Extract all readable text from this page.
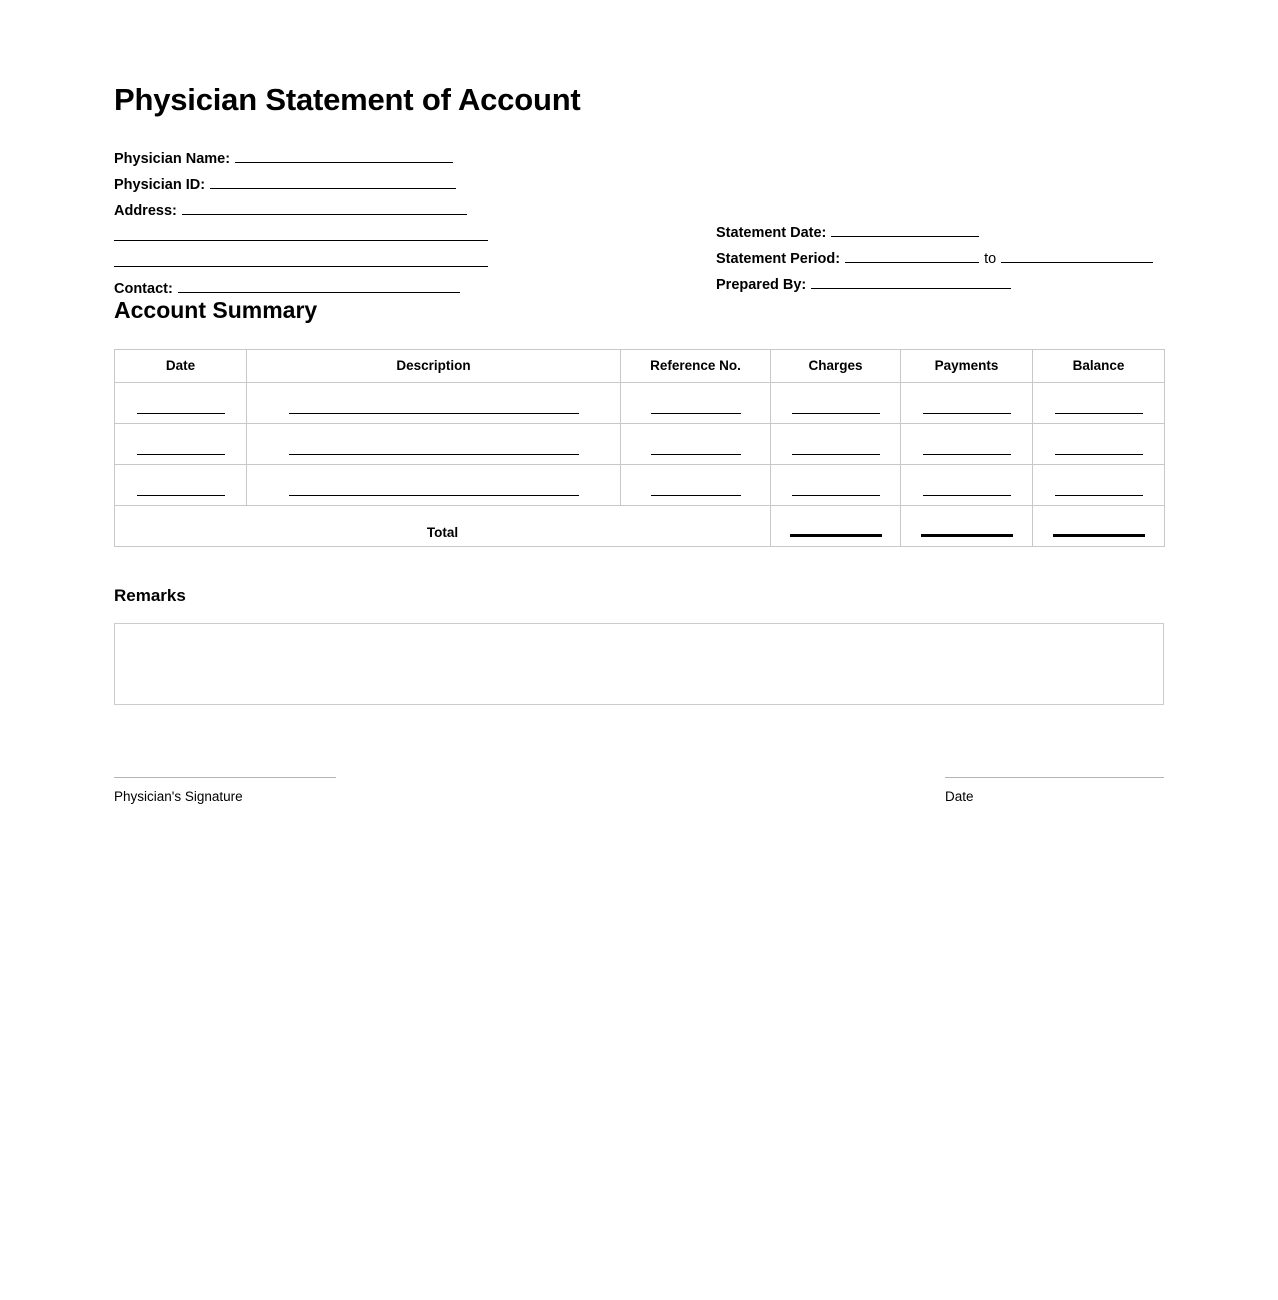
Physician Statement of Account
Physician Name:
Physician ID:
Address:
Contact:
Statement Date:
Statement Period:	to
Prepared By:
Account Summary
Date	Description	Reference No.	Charges	Payments	Balance

Total					
Remarks
Physician's Signature	Date
